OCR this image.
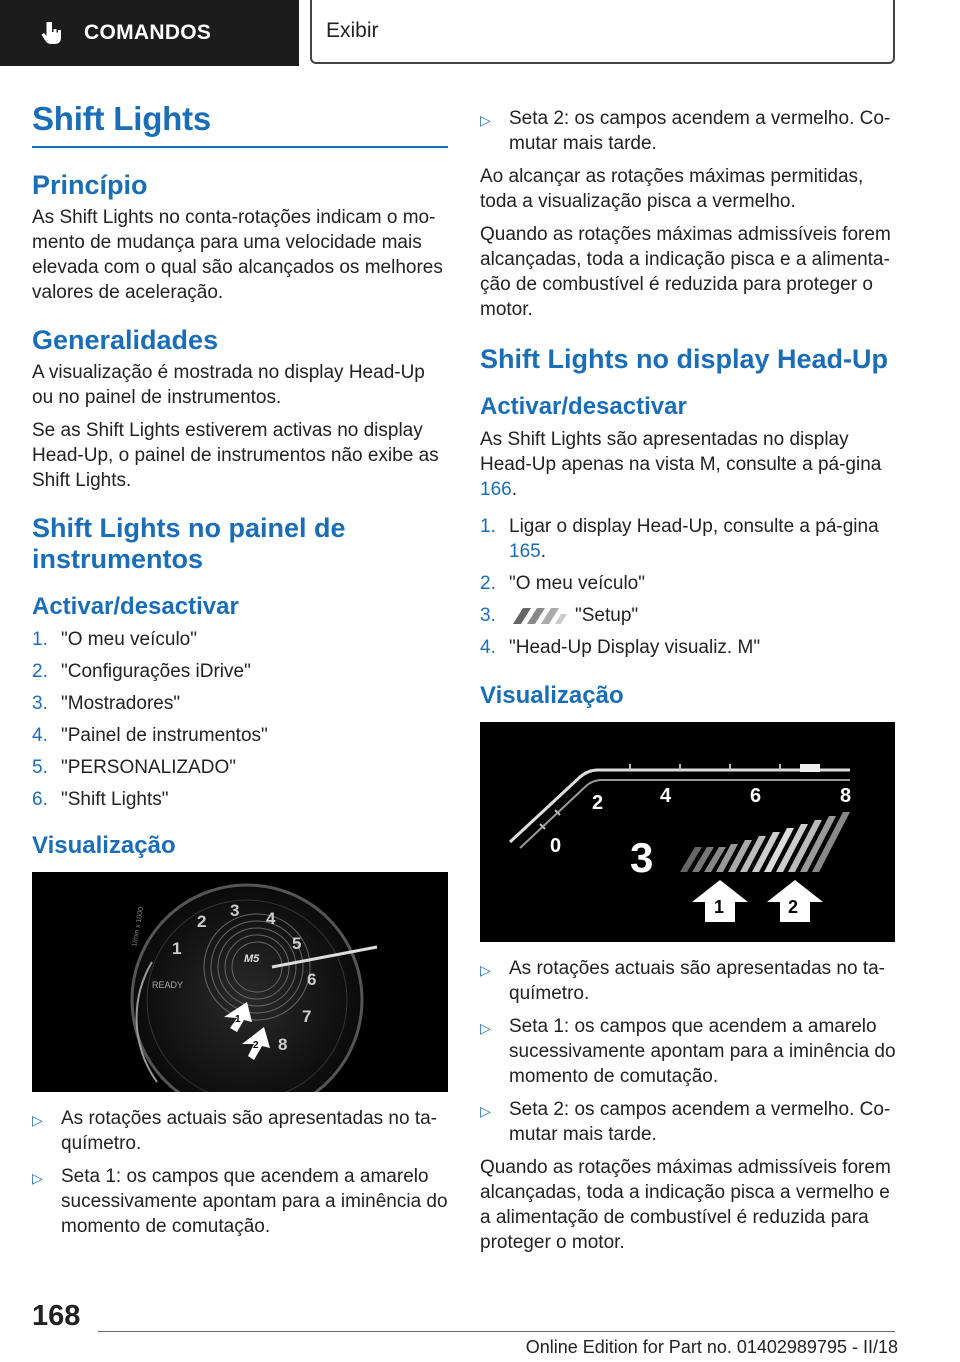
COMANDOS	Exibir
Shift Lights
Princípio

As Shift Lights no conta-rotações indicam o mo-mento de mudança para uma velocidade mais elevada com o qual são alcançados os melhores valores de aceleração.

Generalidades

A visualização é mostrada no display Head-Up ou no painel de instrumentos.

Se as Shift Lights estiverem activas no display Head-Up, o painel de instrumentos não exibe as Shift Lights.

Shift Lights no painel de instrumentos
Activar/desactivar
1. "O meu veículo"
2. "Configurações iDrive"
3. "Mostradores"
4. "Painel de instrumentos"
5. "PERSONALIZADO"
6. "Shift Lights"
Visualização
1
2
3 4
5
6
7
8
READY
M5
1/min x 1000
1
2
▷ As rotações actuais são apresentadas no ta-químetro.
▷ Seta 1: os campos que acendem a amarelo sucessivamente apontam para a iminência do momento de comutação.
▷ Seta 2: os campos acendem a vermelho. Co-mutar mais tarde.

Ao alcançar as rotações máximas permitidas, toda a visualização pisca a vermelho.

Quando as rotações máximas admissíveis forem alcançadas, toda a indicação pisca e a alimenta-ção de combustível é reduzida para proteger o motor.

Shift Lights no display Head-Up
Activar/desactivar

As Shift Lights são apresentadas no display Head-Up apenas na vista M, consulte a pá-gina 166.

1. Ligar o display Head-Up, consulte a pá-gina 165.
2. "O meu veículo"
3.	"Setup"
4. "Head-Up Display visualiz. M"
Visualização
0
2	4	6	8
3
1	2
▷ As rotações actuais são apresentadas no ta-químetro.
▷ Seta 1: os campos que acendem a amarelo sucessivamente apontam para a iminência do momento de comutação.
▷ Seta 2: os campos acendem a vermelho. Co-mutar mais tarde.

Quando as rotações máximas admissíveis forem alcançadas, toda a indicação pisca a vermelho e a alimentação de combustível é reduzida para proteger o motor.

168
Online Edition for Part no. 01402989795 - II/18
